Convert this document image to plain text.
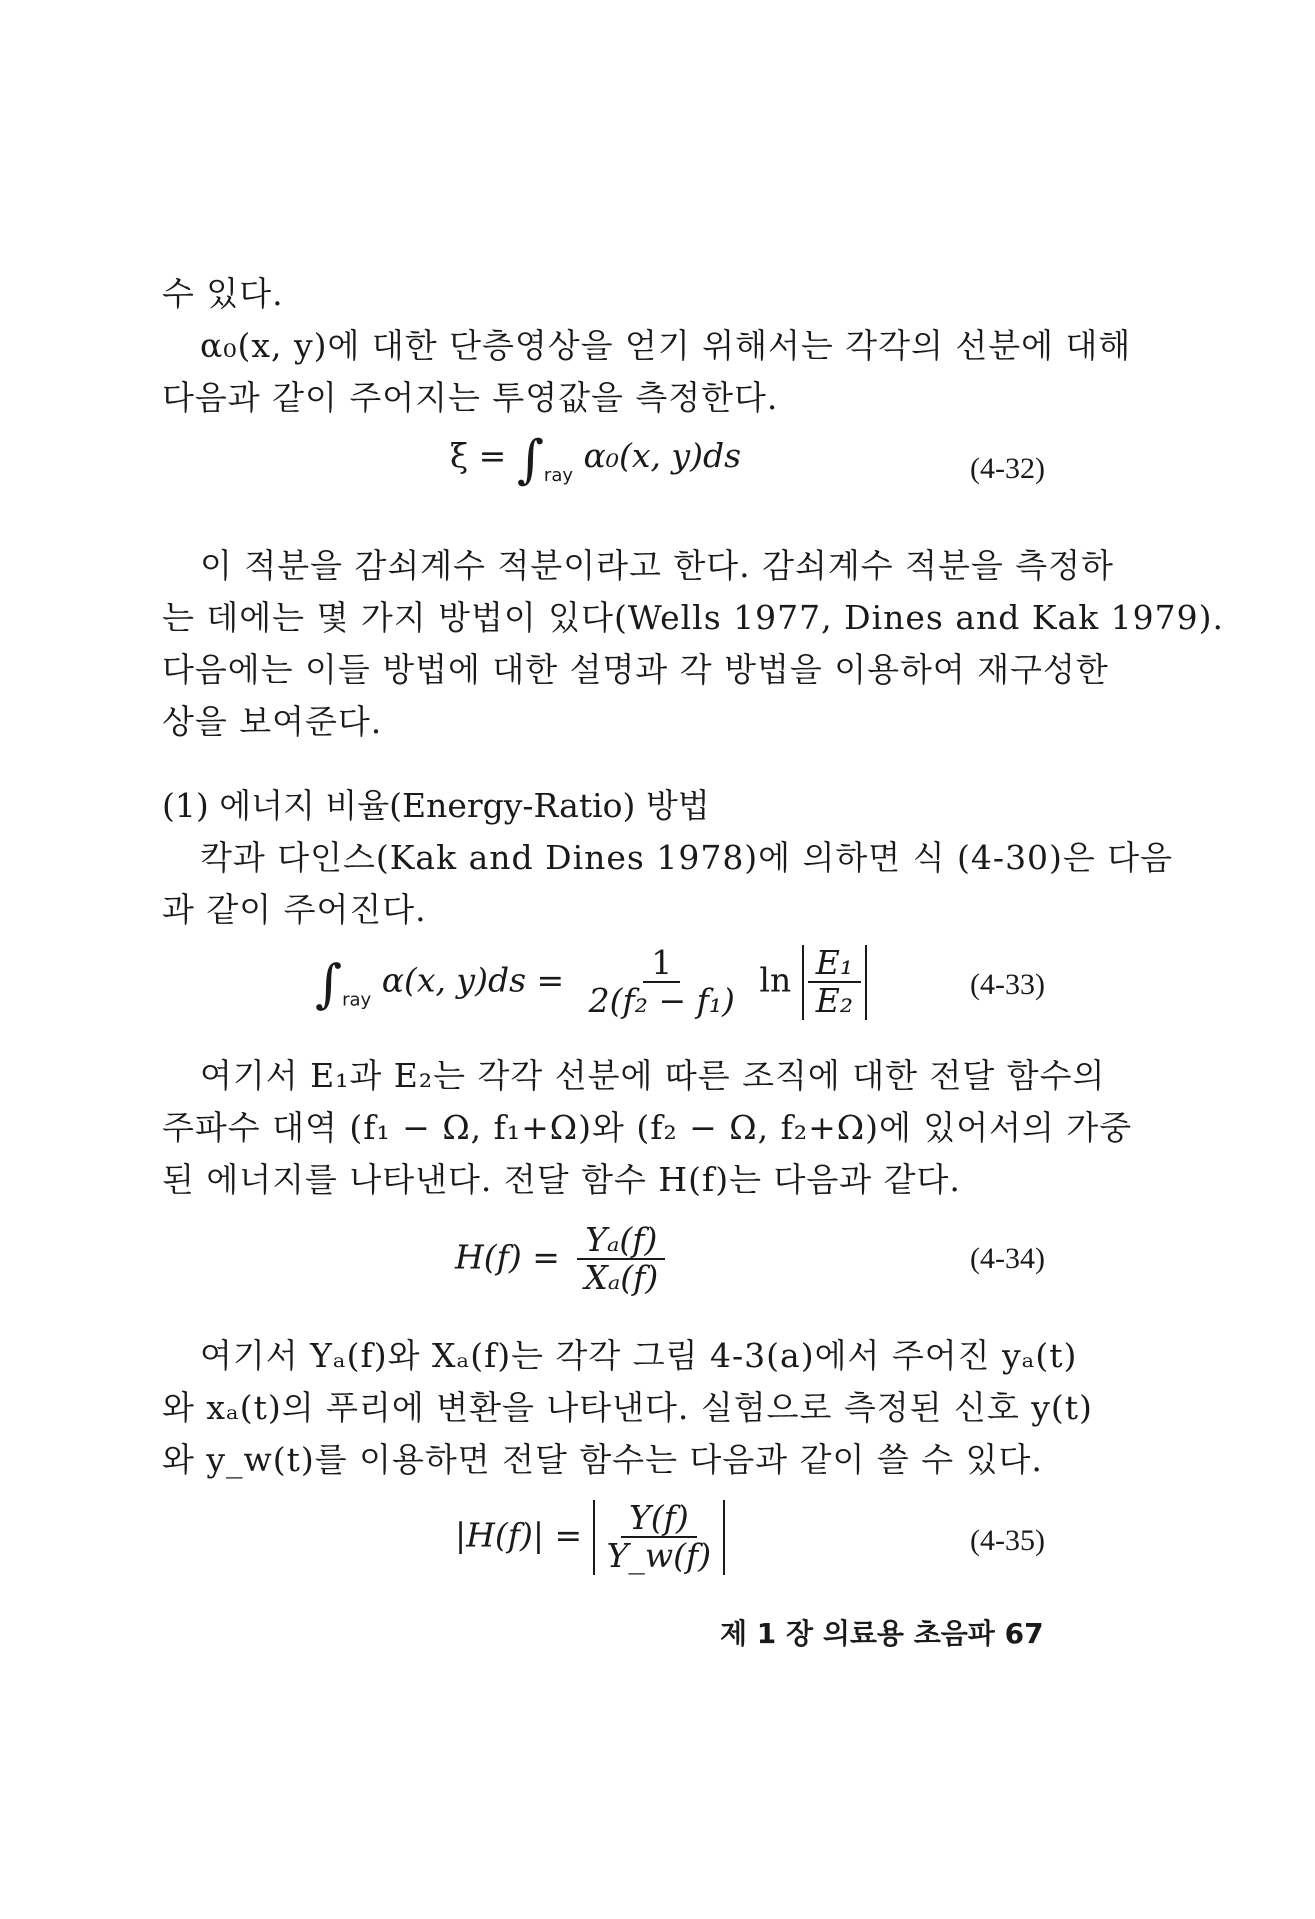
수 있다.
α₀(x, y)에 대한 단층영상을 얻기 위해서는 각각의 선분에 대해
다음과 같이 주어지는 투영값을 측정한다.
$\xi = \int_{ray}$ α₀(x, y)ds	(4-32)
이 적분을 감쇠계수 적분이라고 한다. 감쇠계수 적분을 측정하
는 데에는 몇 가지 방법이 있다(Wells 1977, Dines and Kak 1979).
다음에는 이들 방법에 대한 설명과 각 방법을 이용하여 재구성한
상을 보여준다.
(1) 에너지 비율(Energy-Ratio) 방법
칵과 다인스(Kak and Dines 1978)에 의하면 식 (4-30)은 다음
과 같이 주어진다.
$\int_{ray}$ α(x, $y)ds = \frac{1}{\text{2(f₂ − f₁)}}$ $\ln \frac{\text{E₁}}{\text{E₂}}$	(4-33)
여기서 E₁과 E₂는 각각 선분에 따른 조직에 대한 전달 함수의
주파수 대역 (f₁ − Ω, f₁+Ω)와 (f₂ − Ω, f₂+Ω)에 있어서의 가중
된 에너지를 나타낸다. 전달 함수 H(f)는 다음과 같다.
$H(f) = \frac{\text{Yₐ(f)}}{\text{Xₐ(f)}}$	(4-34)
여기서 Yₐ(f)와 Xₐ(f)는 각각 그림 4-3(a)에서 주어진 yₐ(t)
와 xₐ(t)의 푸리에 변환을 나타낸다. 실험으로 측정된 신호 y(t)
와 y_w(t)를 이용하면 전달 함수는 다음과 같이 쓸 수 있다.
$|H(f)| = \frac{Y(f)}{Y\_w(f)}$	(4-35)
제 1 장 의료용 초음파 67
